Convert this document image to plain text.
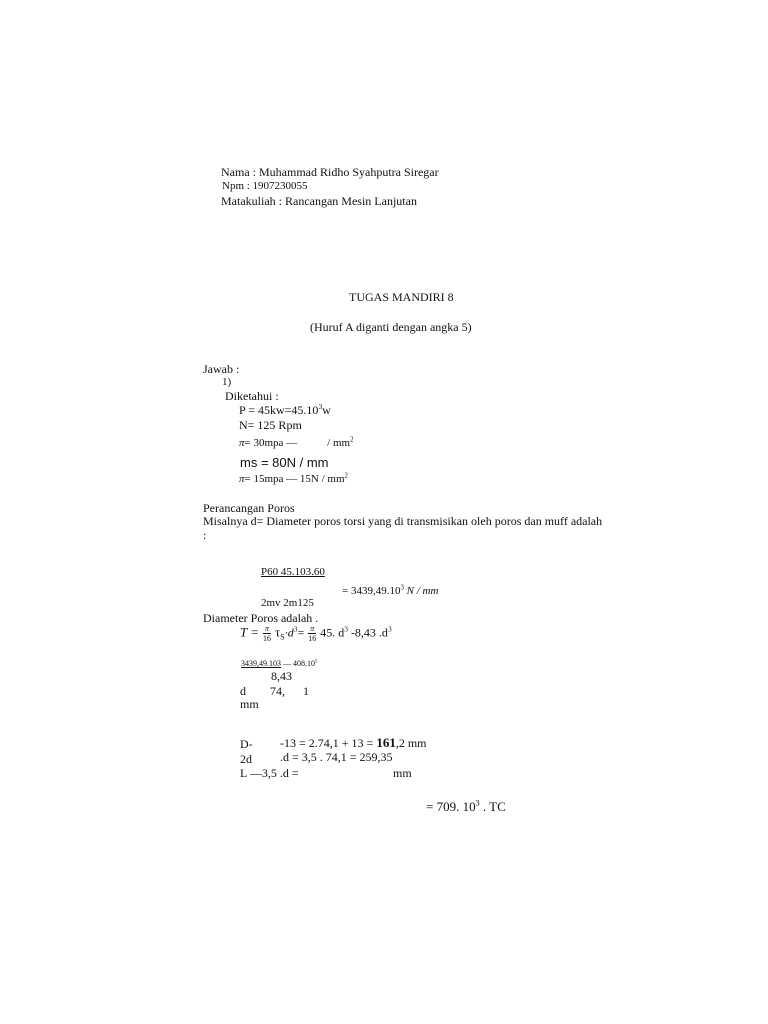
Nama : Muhammad Ridho Syahputra Siregar
Npm : 1907230055
Matakuliah : Rancangan Mesin Lanjutan
TUGAS MANDIRI 8
(Huruf A diganti dengan angka 5)
Jawab :
1)
Diketahui :
$P = 45kw=45.10^3w$
N= 125 Rpm
π= 30mpa —	/ $mm^2$
ms = 80N / mm
π= 15mpa — $15N / mm^2$
Perancangan Poros
Misalnya d= Diameter poros torsi yang di transmisikan oleh poros dan muff adalah
:
P60 45.103.60
= $3439,49.10^3$ N / mm
2mv 2m125
Diameter Poros adalah .
$T = \frac{\pi}{16} \tau_S\cdot d^3= \frac{\pi}{16} 45$. $d^3$ -8,43 $.d^3$
3439,49.103 — 408.10$^5$
8,43
d 74, 1
mm
D- -13 = 2.74,1 + 13 = 161,2 mm
2d .d = 3,5 . 74,1 = 259,35
L —3,5 .d =	mm
= 709. $10^3$ . TC
